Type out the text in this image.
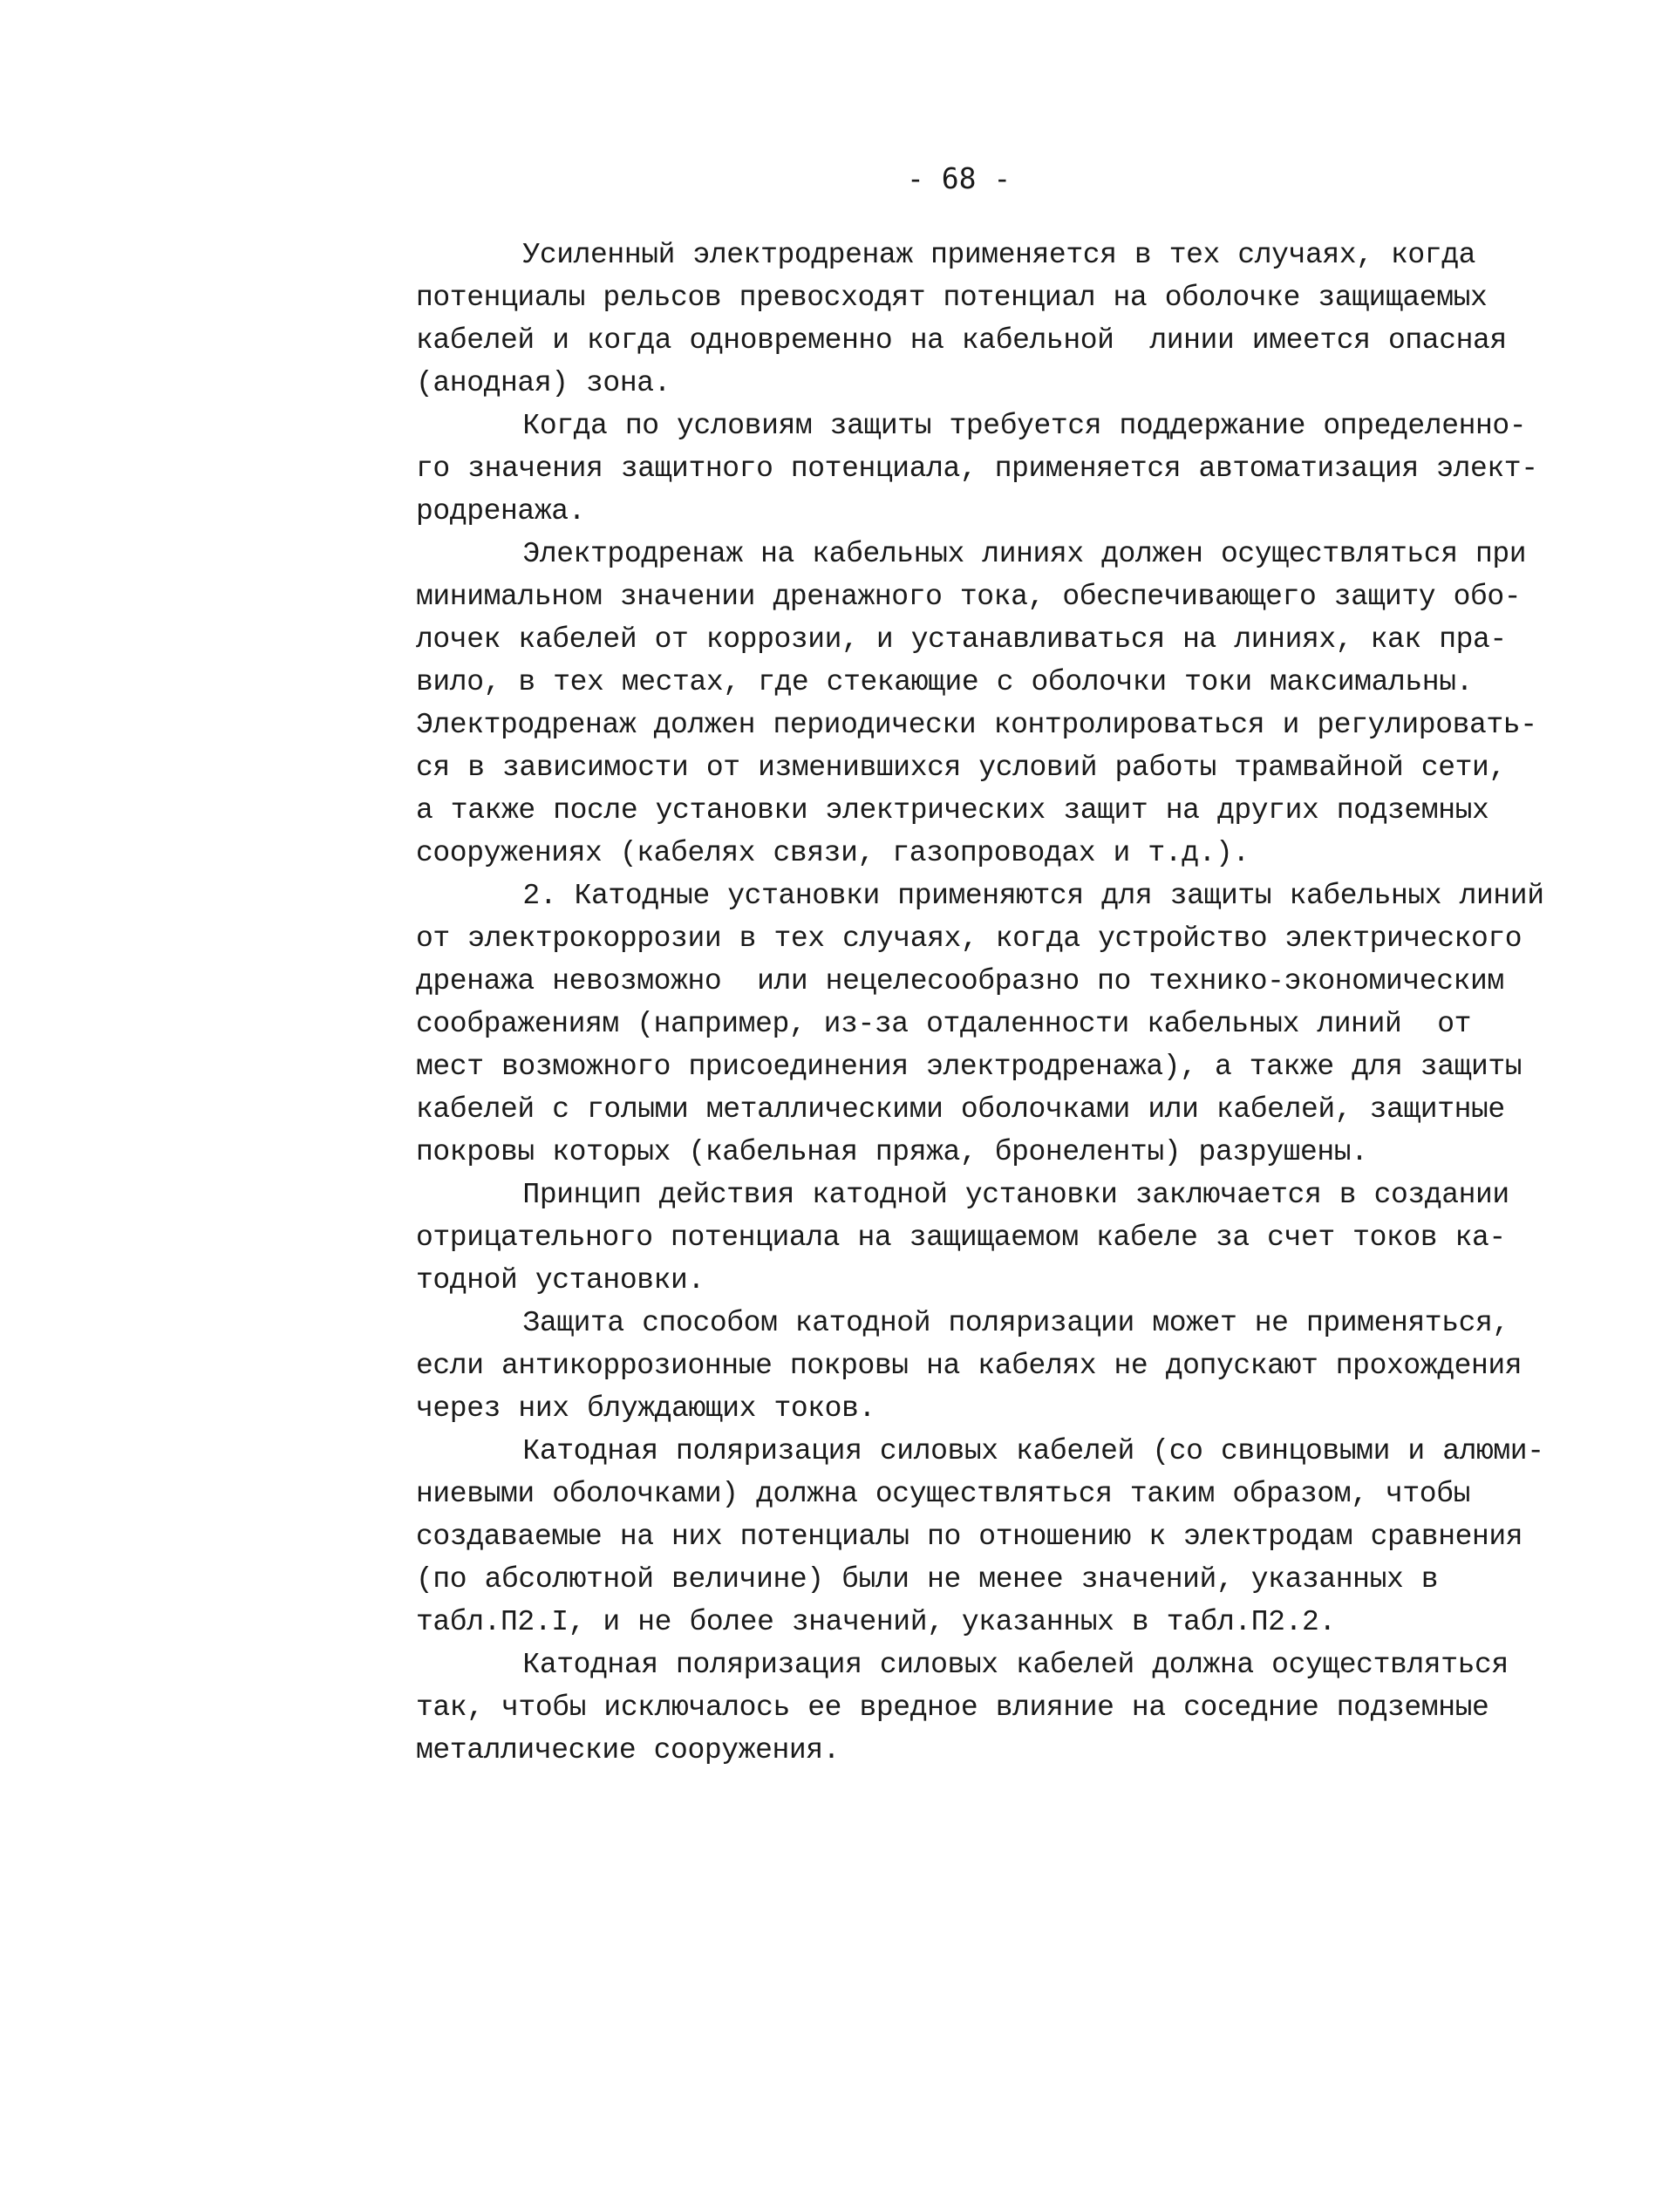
- 68 -
Усиленный электродренаж применяется в тех случаях, когда
потенциалы рельсов превосходят потенциал на оболочке защищаемых
кабелей и когда одновременно на кабельной  линии имеется опасная
(анодная) зона.
Когда по условиям защиты требуется поддержание определенно-
го значения защитного потенциала, применяется автоматизация элект-
родренажа.
Электродренаж на кабельных линиях должен осуществляться при
минимальном значении дренажного тока, обеспечивающего защиту обо-
лочек кабелей от коррозии, и устанавливаться на линиях, как пра-
вило, в тех местах, где стекающие с оболочки токи максимальны.
Электродренаж должен периодически контролироваться и регулировать-
ся в зависимости от изменившихся условий работы трамвайной сети,
а также после установки электрических защит на других подземных
сооружениях (кабелях связи, газопроводах и т.д.).
2. Катодные установки применяются для защиты кабельных линий
от электрокоррозии в тех случаях, когда устройство электрического
дренажа невозможно  или нецелесообразно по технико-экономическим
соображениям (например, из-за отдаленности кабельных линий  от
мест возможного присоединения электродренажа), а также для защиты
кабелей с голыми металлическими оболочками или кабелей, защитные
покровы которых (кабельная пряжа, бронеленты) разрушены.
Принцип действия катодной установки заключается в создании
отрицательного потенциала на защищаемом кабеле за счет токов ка-
тодной установки.
Защита способом катодной поляризации может не применяться,
если антикоррозионные покровы на кабелях не допускают прохождения
через них блуждающих токов.
Катодная поляризация силовых кабелей (со свинцовыми и алюми-
ниевыми оболочками) должна осуществляться таким образом, чтобы
создаваемые на них потенциалы по отношению к электродам сравнения
(по абсолютной величине) были не менее значений, указанных в
табл.П2.I, и не более значений, указанных в табл.П2.2.
Катодная поляризация силовых кабелей должна осуществляться
так, чтобы исключалось ее вредное влияние на соседние подземные
металлические сооружения.
